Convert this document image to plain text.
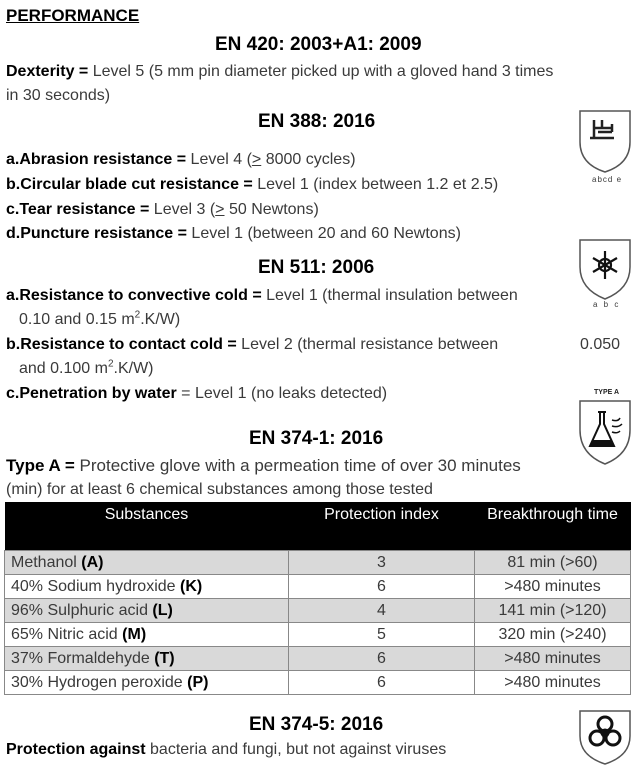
PERFORMANCE
EN 420: 2003+A1: 2009
Dexterity = Level 5 (5 mm pin diameter picked up with a gloved hand 3 times
in 30 seconds)
EN 388: 2016
abcd e
a.Abrasion resistance = Level 4 (> 8000 cycles)
b.Circular blade cut resistance = Level 1 (index between 1.2 et 2.5)
c.Tear resistance = Level 3 (> 50 Newtons)
d.Puncture resistance = Level 1 (between 20 and 60 Newtons)
EN 511: 2006
a b c
a.Resistance to convective cold = Level 1 (thermal insulation between
0.10 and 0.15 $m^2.K/W$)
b.Resistance to contact cold = Level 2 (thermal resistance between	0.050
and 0.100 $m^2.K/W$)
c.Penetration by water = Level 1 (no leaks detected)	TYPE A
EN 374-1: 2016
Type A = Protective glove with a permeation time of over 30 minutes
(min) for at least 6 chemical substances among those tested
Substances	Protection index	Breakthrough time
Methanol (A)	3	81 min (>60)
40% Sodium hydroxide (K)	6	>480 minutes
96% Sulphuric acid (L)	4	141 min (>120)
65% Nitric acid (M)	5	320 min (>240)
37% Formaldehyde (T)	6	>480 minutes
30% Hydrogen peroxide (P)	6	>480 minutes
EN 374-5: 2016
Protection against bacteria and fungi, but not against viruses
